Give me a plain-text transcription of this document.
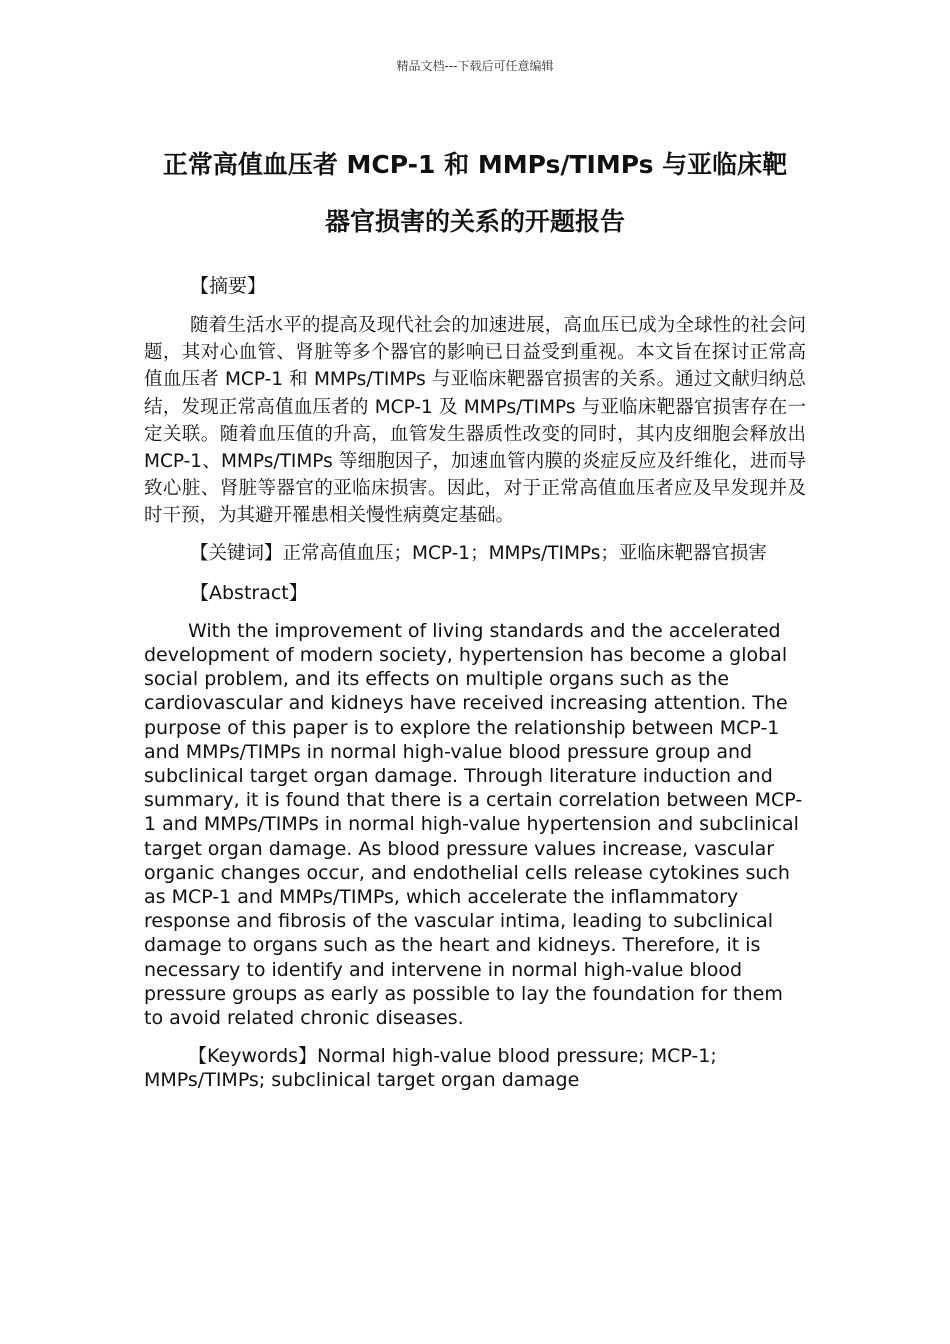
精品文档---下载后可任意编辑
正常高值血压者 MCP-1 和 MMPs/TIMPs 与亚临床靶
器官损害的关系的开题报告

【摘要】

随着生活水平的提高及现代社会的加速进展，高血压已成为全球性的社会问题，其对心血管、肾脏等多个器官的影响已日益受到重视。本文旨在探讨正常高值血压者 MCP-1 和 MMPs/TIMPs 与亚临床靶器官损害的关系。通过文献归纳总结，发现正常高值血压者的 MCP-1 及 MMPs/TIMPs 与亚临床靶器官损害存在一定关联。随着血压值的升高，血管发生器质性改变的同时，其内皮细胞会释放出 MCP-1、MMPs/TIMPs 等细胞因子，加速血管内膜的炎症反应及纤维化，进而导致心脏、肾脏等器官的亚临床损害。因此，对于正常高值血压者应及早发现并及时干预，为其避开罹患相关慢性病奠定基础。

【关键词】正常高值血压；MCP-1；MMPs/TIMPs；亚临床靶器官损害

【Abstract】

With the improvement of living standards and the accelerated development of modern society, hypertension has become a global social problem, and its effects on multiple organs such as the cardiovascular and kidneys have received increasing attention. The purpose of this paper is to explore the relationship between MCP-1 and MMPs/TIMPs in normal high-value blood pressure group and subclinical target organ damage. Through literature induction and summary, it is found that there is a certain correlation between MCP-1 and MMPs/TIMPs in normal high-value hypertension and subclinical target organ damage. As blood pressure values increase, vascular organic changes occur, and endothelial cells release cytokines such as MCP-1 and MMPs/TIMPs, which accelerate the inflammatory response and fibrosis of the vascular intima, leading to subclinical damage to organs such as the heart and kidneys. Therefore, it is necessary to identify and intervene in normal high-value blood pressure groups as early as possible to lay the foundation for them to avoid related chronic diseases.

【Keywords】Normal high-value blood pressure; MCP-1; MMPs/TIMPs; subclinical target organ damage
